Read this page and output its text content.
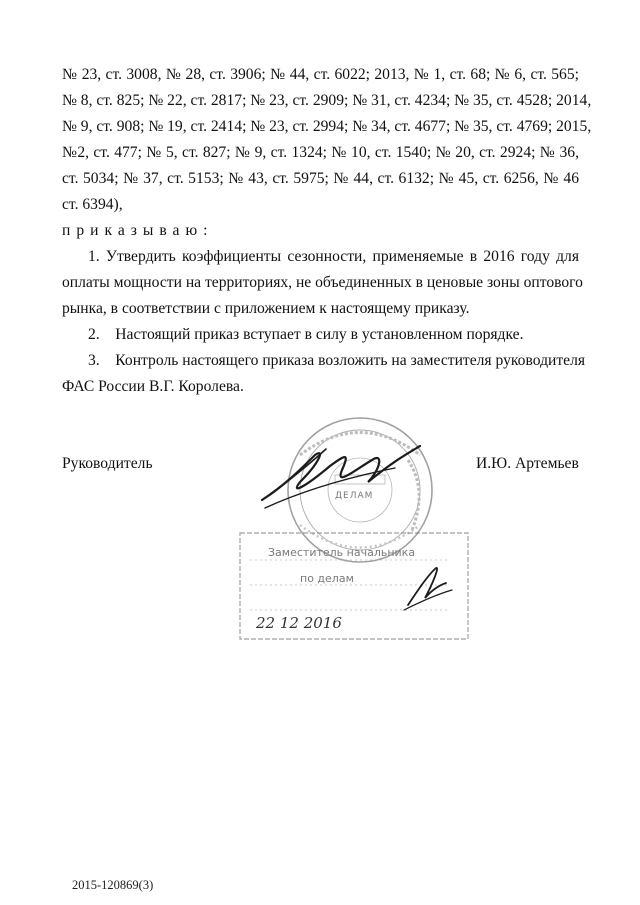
№ 23, ст. 3008, № 28, ст. 3906; № 44, ст. 6022; 2013, № 1, ст. 68; № 6, ст. 565;

№ 8, ст. 825; № 22, ст. 2817; № 23, ст. 2909; № 31, ст. 4234; № 35, ст. 4528; 2014,

№ 9, ст. 908; № 19, ст. 2414; № 23, ст. 2994; № 34, ст. 4677; № 35, ст. 4769; 2015,

№2, ст. 477; № 5, ст. 827; № 9, ст. 1324; № 10, ст. 1540; № 20, ст. 2924; № 36,

ст. 5034; № 37, ст. 5153; № 43, ст. 5975; № 44, ст. 6132; № 45, ст. 6256, № 46

ст. 6394),

приказываю:

1. Утвердить коэффициенты сезонности, применяемые в 2016 году для

оплаты мощности на территориях, не объединенных в ценовые зоны оптового

рынка, в соответствии с приложением к настоящему приказу.

2.    Настоящий приказ вступает в силу в установленном порядке.

3.    Контроль настоящего приказа возложить на заместителя руководителя

ФАС России В.Г. Королева.

Руководитель	И.Ю. Артемьев
ДЕЛАМ
Заместитель начальника
по делам
22 12 2016
2015-120869(3)
